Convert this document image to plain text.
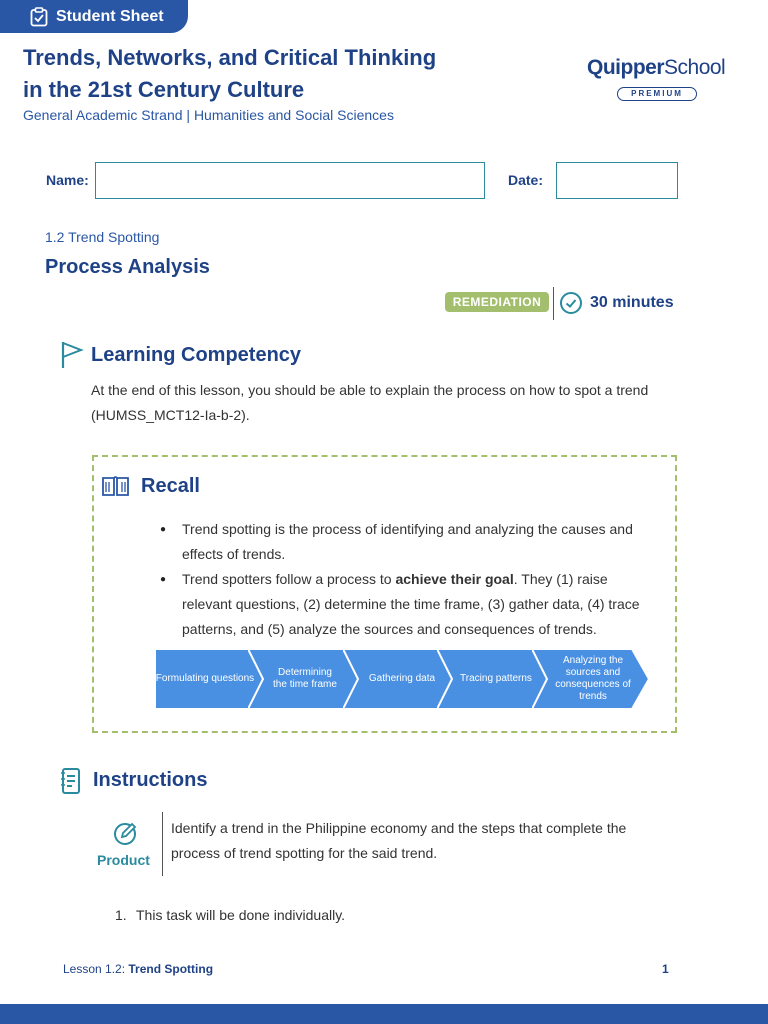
Student Sheet
Trends, Networks, and Critical Thinking
in the 21st Century Culture
General Academic Strand | Humanities and Social Sciences
QuipperSchool
PREMIUM
Name:	Date:
1.2 Trend Spotting
Process Analysis
REMEDIATION	30 minutes
Learning Competency
At the end of this lesson, you should be able to explain the process on how to spot a trend (HUMSS_MCT12-Ia-b-2).
Recall
● Trend spotting is the process of identifying and analyzing the causes and effects of trends.
● Trend spotters follow a process to achieve their goal. They (1) raise relevant questions, (2) determine the time frame, (3) gather data, (4) trace patterns, and (5) analyze the sources and consequences of trends.
Formulating questions
Determining the time frame
Gathering data	Tracing patterns
Analyzing the sources and consequences of trends
Instructions
Product
Identify a trend in the Philippine economy and the steps that complete the process of trend spotting for the said trend.
1. This task will be done individually.
Lesson 1.2: Trend Spotting	1
